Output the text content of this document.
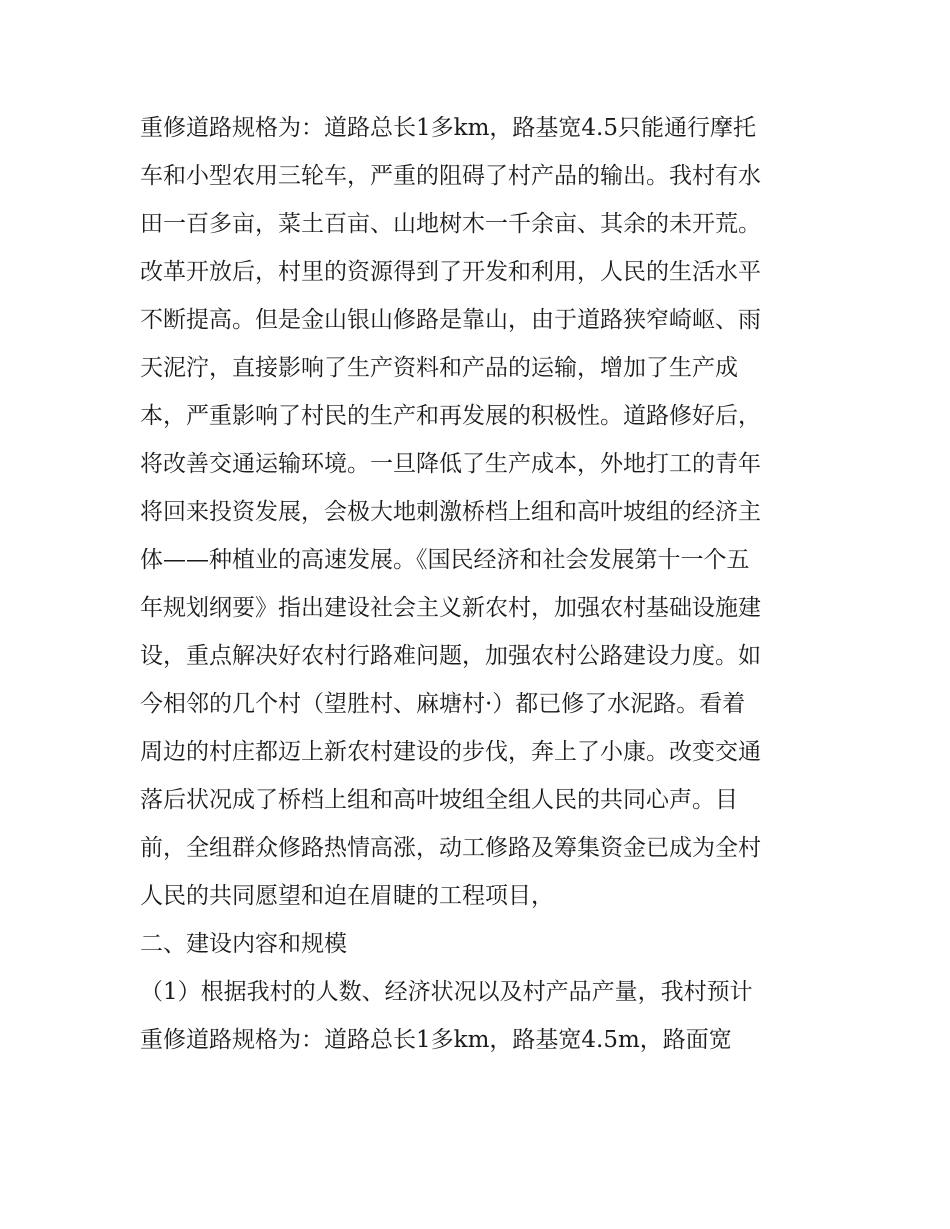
重修道路规格为：道路总长1多km，路基宽4.5只能通行摩托
车和小型农用三轮车，严重的阻碍了村产品的输出。我村有水
田一百多亩，菜土百亩、山地树木一千余亩、其余的未开荒。
改革开放后，村里的资源得到了开发和利用，人民的生活水平
不断提高。但是金山银山修路是靠山，由于道路狭窄崎岖、雨
天泥泞，直接影响了生产资料和产品的运输，增加了生产成
本，严重影响了村民的生产和再发展的积极性。道路修好后，
将改善交通运输环境。一旦降低了生产成本，外地打工的青年
将回来投资发展，会极大地刺激桥档上组和高叶坡组的经济主
体——种植业的高速发展。《国民经济和社会发展第十一个五
年规划纲要》指出建设社会主义新农村，加强农村基础设施建
设，重点解决好农村行路难问题，加强农村公路建设力度。如
今相邻的几个村（望胜村、麻塘村·）都已修了水泥路。看着
周边的村庄都迈上新农村建设的步伐，奔上了小康。改变交通
落后状况成了桥档上组和高叶坡组全组人民的共同心声。目
前，全组群众修路热情高涨，动工修路及筹集资金已成为全村
人民的共同愿望和迫在眉睫的工程项目，
二、建设内容和规模
（1）根据我村的人数、经济状况以及村产品产量，我村预计
重修道路规格为：道路总长1多km，路基宽4.5m，路面宽
